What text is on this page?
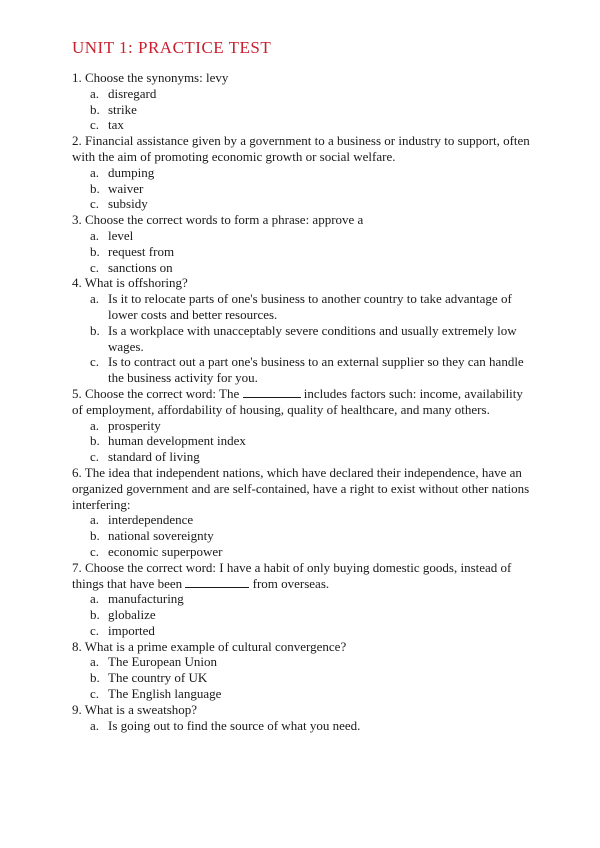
UNIT 1: PRACTICE TEST
1. Choose the synonyms: levy
a. disregard
b. strike
c. tax
2. Financial assistance given by a government to a business or industry to support, often with the aim of promoting economic growth or social welfare.
a. dumping
b. waiver
c. subsidy
3. Choose the correct words to form a phrase: approve a
a. level
b. request from
c. sanctions on
4. What is offshoring?
a. Is it to relocate parts of one's business to another country to take advantage of lower costs and better resources.
b. Is a workplace with unacceptably severe conditions and usually extremely low wages.
c. Is to contract out a part one's business to an external supplier so they can handle the business activity for you.
5. Choose the correct word: The	includes factors such: income, availability of employment, affordability of housing, quality of healthcare, and many others.
a. prosperity
b. human development index
c. standard of living
6. The idea that independent nations, which have declared their independence, have an organized government and are self-contained, have a right to exist without other nations interfering:
a. interdependence
b. national sovereignty
c. economic superpower
7. Choose the correct word: I have a habit of only buying domestic goods, instead of things that have been	from overseas.
a. manufacturing
b. globalize
c. imported
8. What is a prime example of cultural convergence?
a. The European Union
b. The country of UK
c. The English language
9. What is a sweatshop?
a. Is going out to find the source of what you need.
